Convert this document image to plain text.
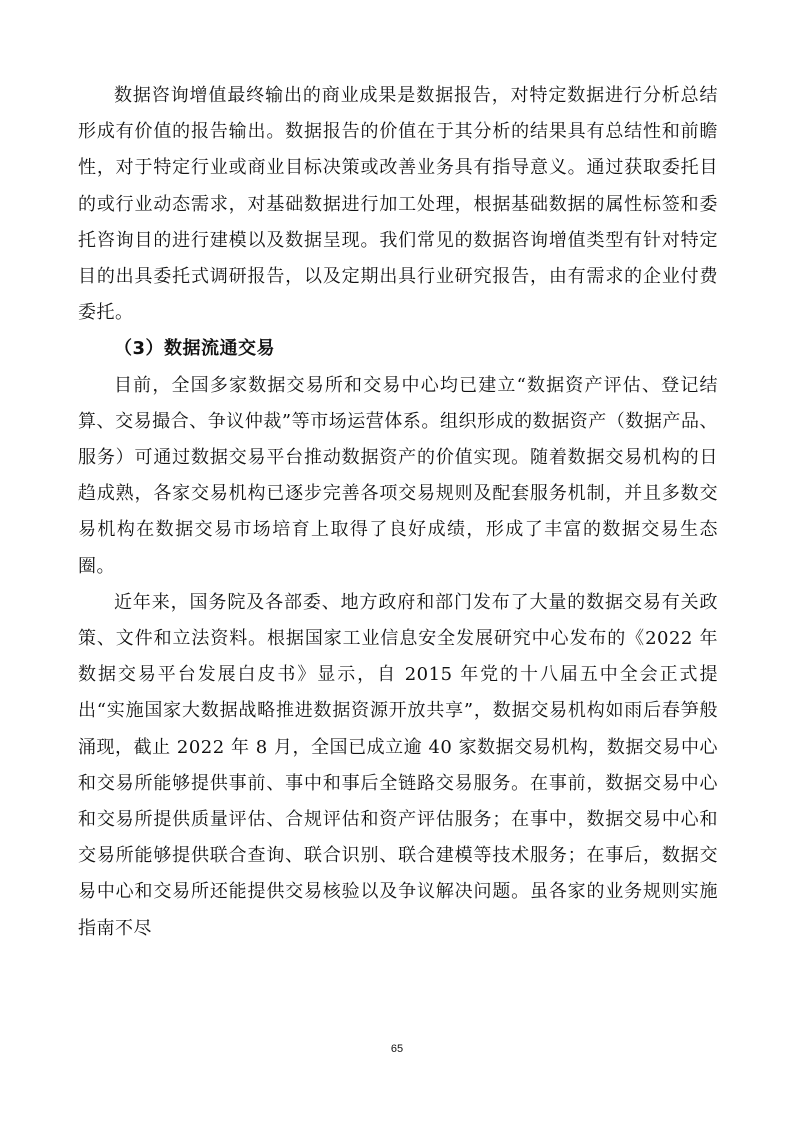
数据咨询增值最终输出的商业成果是数据报告，对特定数据进行分析总结形成有价值的报告输出。数据报告的价值在于其分析的结果具有总结性和前瞻性，对于特定行业或商业目标决策或改善业务具有指导意义。通过获取委托目的或行业动态需求，对基础数据进行加工处理，根据基础数据的属性标签和委托咨询目的进行建模以及数据呈现。我们常见的数据咨询增值类型有针对特定目的出具委托式调研报告，以及定期出具行业研究报告，由有需求的企业付费委托。

（3）数据流通交易

目前，全国多家数据交易所和交易中心均已建立“数据资产评估、登记结算、交易撮合、争议仲裁”等市场运营体系。组织形成的数据资产（数据产品、服务）可通过数据交易平台推动数据资产的价值实现。随着数据交易机构的日趋成熟，各家交易机构已逐步完善各项交易规则及配套服务机制，并且多数交易机构在数据交易市场培育上取得了良好成绩，形成了丰富的数据交易生态圈。

近年来，国务院及各部委、地方政府和部门发布了大量的数据交易有关政策、文件和立法资料。根据国家工业信息安全发展研究中心发布的《2022 年数据交易平台发展白皮书》显示，自 2015 年党的十八届五中全会正式提出“实施国家大数据战略推进数据资源开放共享”，数据交易机构如雨后春笋般涌现，截止 2022 年 8 月，全国已成立逾 40 家数据交易机构，数据交易中心和交易所能够提供事前、事中和事后全链路交易服务。在事前，数据交易中心和交易所提供质量评估、合规评估和资产评估服务；在事中，数据交易中心和交易所能够提供联合查询、联合识别、联合建模等技术服务；在事后，数据交易中心和交易所还能提供交易核验以及争议解决问题。虽各家的业务规则实施指南不尽

65
